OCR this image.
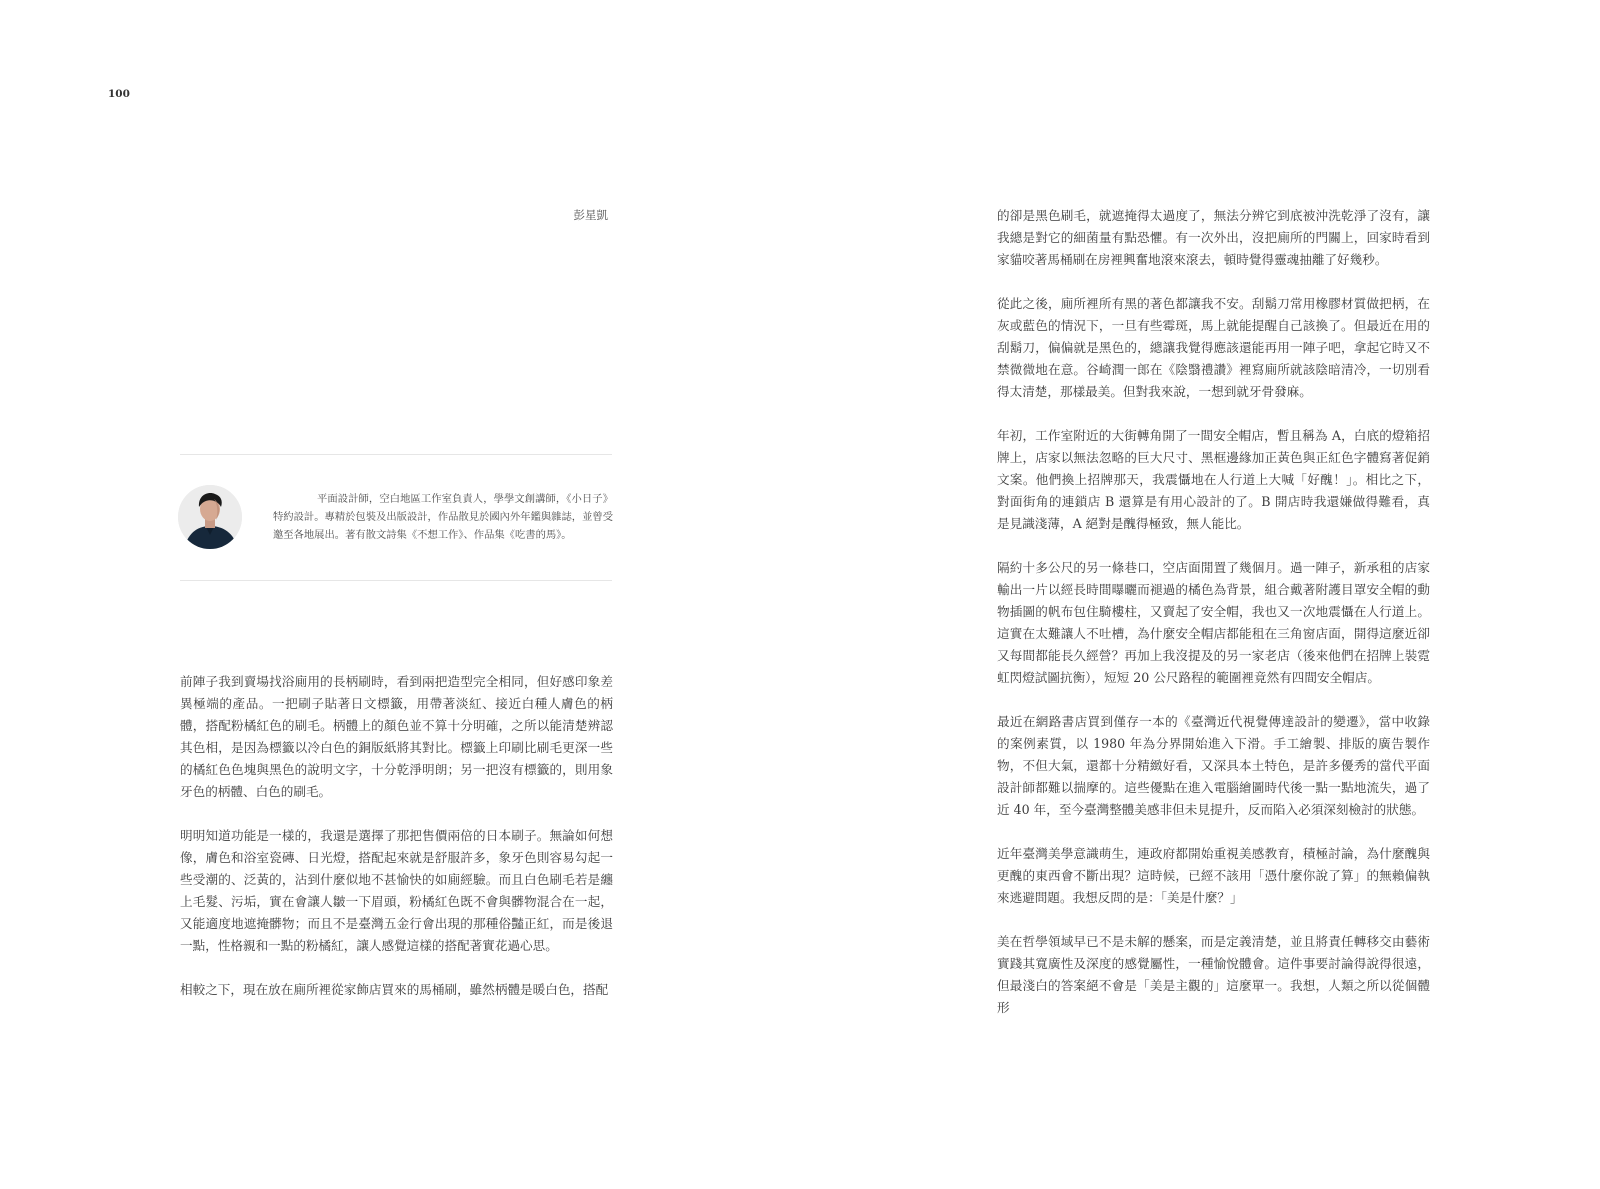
100
彭星凱
平面設計師，空白地區工作室負責人，學學文創講師，《小日子》特約設計。專精於包裝及出版設計，作品散見於國內外年鑑與雜誌，並曾受邀至各地展出。著有散文詩集《不想工作》、作品集《吃書的馬》。

前陣子我到賣場找浴廁用的長柄刷時，看到兩把造型完全相同，但好感印象差異極端的產品。一把刷子貼著日文標籤，用帶著淡紅、接近白種人膚色的柄體，搭配粉橘紅色的刷毛。柄體上的顏色並不算十分明確，之所以能清楚辨認其色相，是因為標籤以冷白色的銅版紙將其對比。標籤上印刷比刷毛更深一些的橘紅色色塊與黑色的說明文字，十分乾淨明朗；另一把沒有標籤的，則用象牙色的柄體、白色的刷毛。

明明知道功能是一樣的，我還是選擇了那把售價兩倍的日本刷子。無論如何想像，膚色和浴室瓷磚、日光燈，搭配起來就是舒服許多，象牙色則容易勾起一些受潮的、泛黃的，沾到什麼似地不甚愉快的如廁經驗。而且白色刷毛若是纏上毛髮、污垢，實在會讓人皺一下眉頭，粉橘紅色既不會與髒物混合在一起，又能適度地遮掩髒物；而且不是臺灣五金行會出現的那種俗豔正紅，而是後退一點，性格親和一點的粉橘紅，讓人感覺這樣的搭配著實花過心思。

相較之下，現在放在廁所裡從家飾店買來的馬桶刷，雖然柄體是暖白色，搭配

的卻是黑色刷毛，就遮掩得太過度了，無法分辨它到底被沖洗乾淨了沒有，讓我總是對它的細菌量有點恐懼。有一次外出，沒把廁所的門關上，回家時看到家貓咬著馬桶刷在房裡興奮地滾來滾去，頓時覺得靈魂抽離了好幾秒。

從此之後，廁所裡所有黑的著色都讓我不安。刮鬍刀常用橡膠材質做把柄，在灰或藍色的情況下，一旦有些霉斑，馬上就能提醒自己該換了。但最近在用的刮鬍刀，偏偏就是黑色的，總讓我覺得應該還能再用一陣子吧，拿起它時又不禁微微地在意。谷崎潤一郎在《陰翳禮讚》裡寫廁所就該陰暗清冷，一切別看得太清楚，那樣最美。但對我來說，一想到就牙骨發麻。

年初，工作室附近的大街轉角開了一間安全帽店，暫且稱為 A，白底的燈箱招牌上，店家以無法忽略的巨大尺寸、黑框邊緣加正黃色與正紅色字體寫著促銷文案。他們換上招牌那天，我震懾地在人行道上大喊「好醜！」。相比之下，對面街角的連鎖店 B 還算是有用心設計的了。B 開店時我還嫌做得難看，真是見識淺薄，A 絕對是醜得極致，無人能比。

隔約十多公尺的另一條巷口，空店面閒置了幾個月。過一陣子，新承租的店家輸出一片以經長時間曝曬而褪過的橘色為背景，組合戴著附護目罩安全帽的動物插圖的帆布包住騎樓柱，又賣起了安全帽，我也又一次地震懾在人行道上。這實在太難讓人不吐槽，為什麼安全帽店都能租在三角窗店面，開得這麼近卻又每間都能長久經營？再加上我沒提及的另一家老店（後來他們在招牌上裝霓虹閃燈試圖抗衡），短短 20 公尺路程的範圍裡竟然有四間安全帽店。

最近在網路書店買到僅存一本的《臺灣近代視覺傳達設計的變遷》，當中收錄的案例素質，以 1980 年為分界開始進入下滑。手工繪製、排版的廣告製作物，不但大氣，還都十分精緻好看，又深具本土特色，是許多優秀的當代平面設計師都難以揣摩的。這些優點在進入電腦繪圖時代後一點一點地流失，過了近 40 年，至今臺灣整體美感非但未見提升，反而陷入必須深刻檢討的狀態。

近年臺灣美學意識萌生，連政府都開始重視美感教育，積極討論，為什麼醜與更醜的東西會不斷出現？這時候，已經不該用「憑什麼你說了算」的無賴偏執來逃避問題。我想反問的是：「美是什麼？」

美在哲學領域早已不是未解的懸案，而是定義清楚，並且將責任轉移交由藝術實踐其寬廣性及深度的感覺屬性，一種愉悅體會。這件事要討論得說得很遠，但最淺白的答案絕不會是「美是主觀的」這麼單一。我想，人類之所以從個體形
